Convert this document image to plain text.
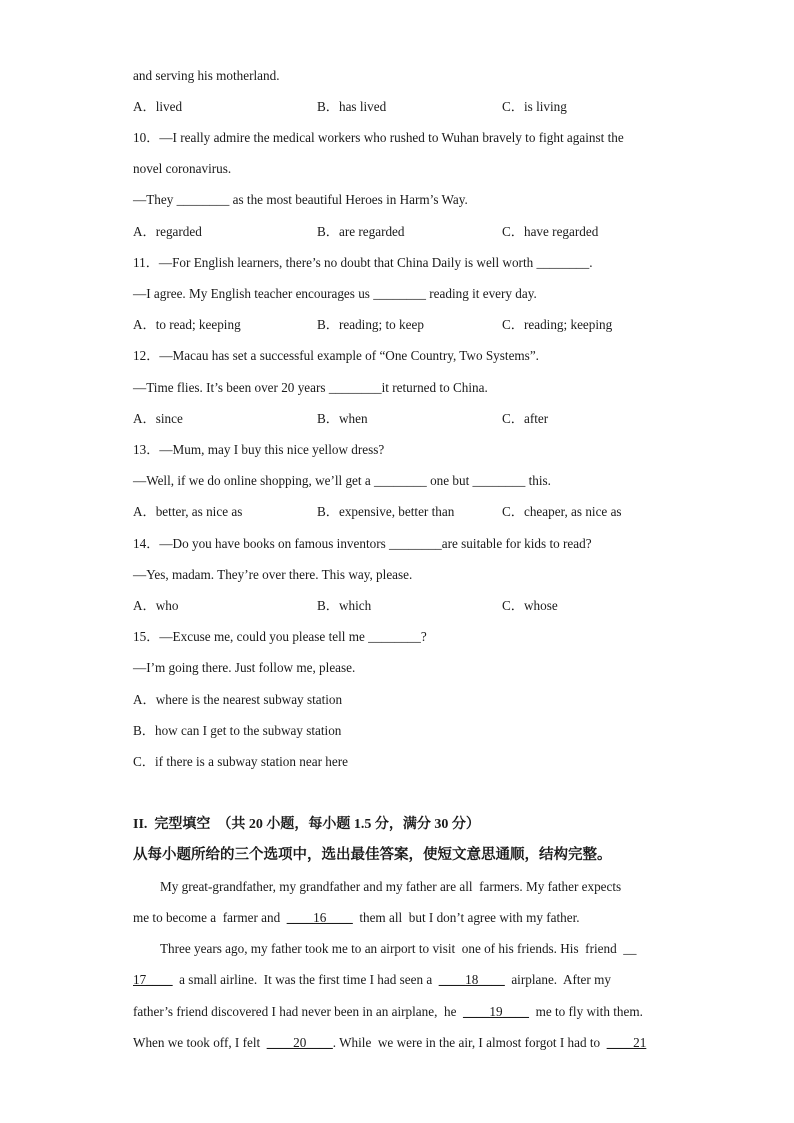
and serving his motherland.
A．lived	B．has lived	C．is living
10．—I really admire the medical workers who rushed to Wuhan bravely to fight against the
novel coronavirus.
—They ________ as the most beautiful Heroes in Harm’s Way.
A．regarded	B．are regarded	C．have regarded
11．—For English learners, there’s no doubt that China Daily is well worth ________.
—I agree. My English teacher encourages us ________ reading it every day.
A．to read; keeping	B．reading; to keep	C．reading; keeping
12．—Macau has set a successful example of “One Country, Two Systems”.
—Time flies. It’s been over 20 years ________it returned to China.
A．since	B．when	C．after
13．—Mum, may I buy this nice yellow dress?
—Well, if we do online shopping, we’ll get a ________ one but ________ this.
A．better, as nice as	B．expensive, better than	C．cheaper, as nice as
14．—Do you have books on famous inventors ________are suitable for kids to read?
—Yes, madam. They’re over there. This way, please.
A．who	B．which	C．whose
15．—Excuse me, could you please tell me ________?
—I’m going there. Just follow me, please.
A．where is the nearest subway station
B．how can I get to the subway station
C．if there is a subway station near here
II.  完型填空  （共 20 小题，每小题 1.5 分，满分 30 分）
从每小题所给的三个选项中，选出最佳答案，使短文意思通顺，结构完整。
My great-grandfather, my grandfather and my father are all  farmers. My father expects
me to become a  farmer and  ____16____  them all  but I don’t agree with my father.
Three years ago, my father took me to an airport to visit  one of his friends. His  friend  __
17____  a small airline.  It was the first time I had seen a  ____18____  airplane.  After my
father’s friend discovered I had never been in an airplane,  he  ____19____  me to fly with them.
When we took off, I felt  ____20____. While  we were in the air, I almost forgot I had to  ____21
